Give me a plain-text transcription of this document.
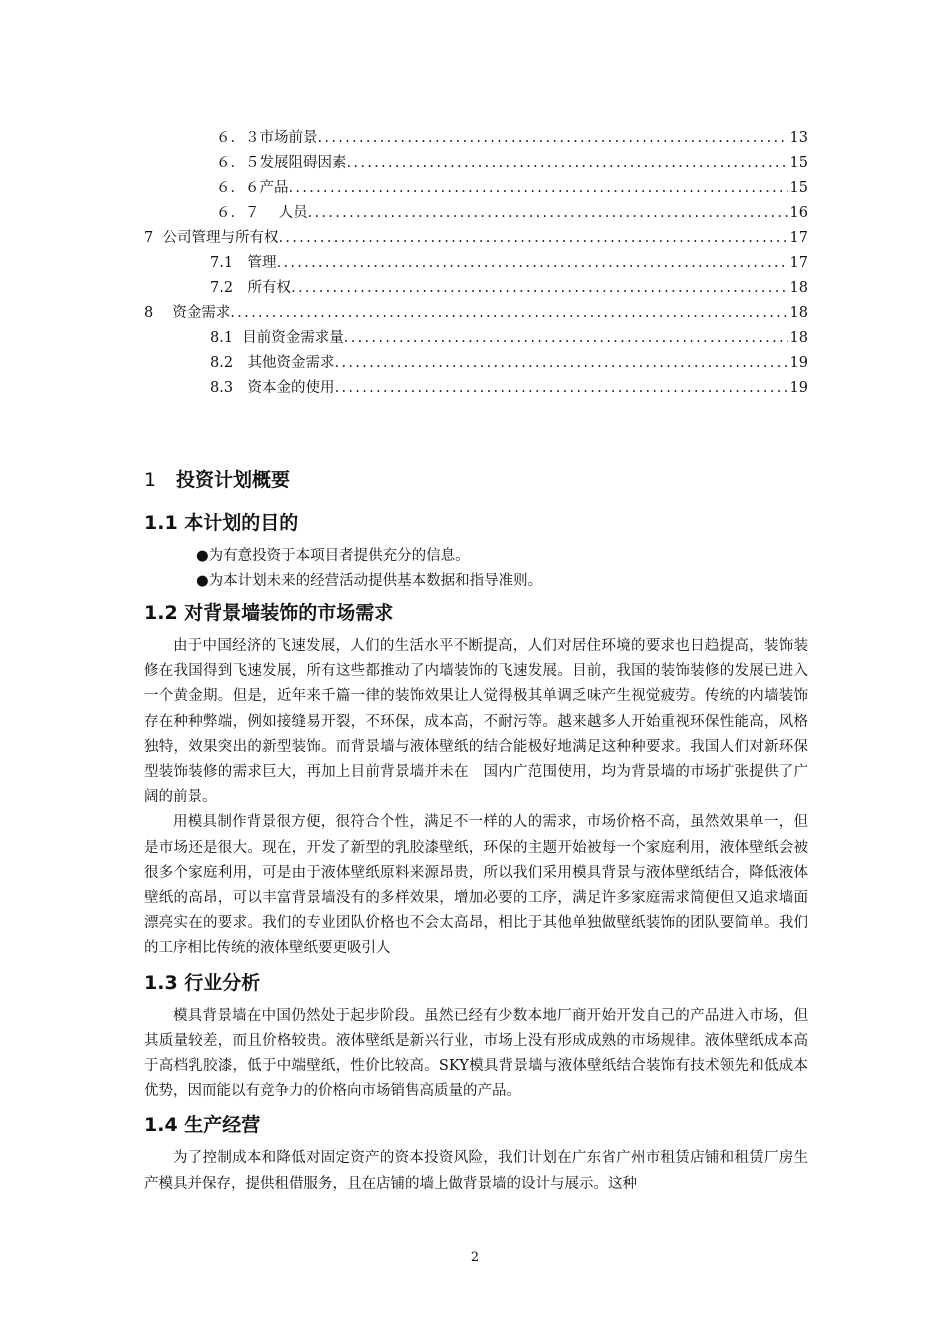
６．３市场前景 .....	13
６．５发展阻碍因素 .....	15
６．６产品 .....	15
６．７　 人员 .....	16
7  公司管理与所有权 .....	17
7.1　管理 .....	17
7.2　所有权 .....	18
8　 资金需求 .....	18
8.1  目前资金需求量 .....	18
8.2　其他资金需求 .....	19
8.3　资本金的使用 .....	19
1 投资计划概要
1.1 本计划的目的
●为有意投资于本项目者提供充分的信息。
●为本计划未来的经营活动提供基本数据和指导准则。
1.2 对背景墙装饰的市场需求

由于中国经济的飞速发展，人们的生活水平不断提高，人们对居住环境的要求也日趋提高，装饰装修在我国得到飞速发展，所有这些都推动了内墙装饰的飞速发展。目前，我国的装饰装修的发展已进入一个黄金期。但是，近年来千篇一律的装饰效果让人觉得极其单调乏味产生视觉疲劳。传统的内墙装饰存在种种弊端，例如接缝易开裂，不环保，成本高，不耐污等。越来越多人开始重视环保性能高，风格独特，效果突出的新型装饰。而背景墙与液体壁纸的结合能极好地满足这种种要求。我国人们对新环保型装饰装修的需求巨大，再加上目前背景墙并未在　国内广范围使用，均为背景墙的市场扩张提供了广阔的前景。

用模具制作背景很方便，很符合个性，满足不一样的人的需求，市场价格不高，虽然效果单一，但是市场还是很大。现在，开发了新型的乳胶漆壁纸，环保的主题开始被每一个家庭利用，液体壁纸会被很多个家庭利用，可是由于液体壁纸原料来源昂贵，所以我们采用模具背景与液体壁纸结合，降低液体壁纸的高昂，可以丰富背景墙没有的多样效果，增加必要的工序，满足许多家庭需求简便但又追求墙面漂亮实在的要求。我们的专业团队价格也不会太高昂，相比于其他单独做壁纸装饰的团队要简单。我们的工序相比传统的液体壁纸要更吸引人

1.3 行业分析

模具背景墙在中国仍然处于起步阶段。虽然已经有少数本地厂商开始开发自己的产品进入市场，但其质量较差，而且价格较贵。液体壁纸是新兴行业，市场上没有形成成熟的市场规律。液体壁纸成本高于高档乳胶漆，低于中端壁纸，性价比较高。SKY模具背景墙与液体壁纸结合装饰有技术领先和低成本优势，因而能以有竞争力的价格向市场销售高质量的产品。

1.4 生产经营

为了控制成本和降低对固定资产的资本投资风险，我们计划在广东省广州市租赁店铺和租赁厂房生产模具并保存，提供租借服务，且在店铺的墙上做背景墙的设计与展示。这种

2
